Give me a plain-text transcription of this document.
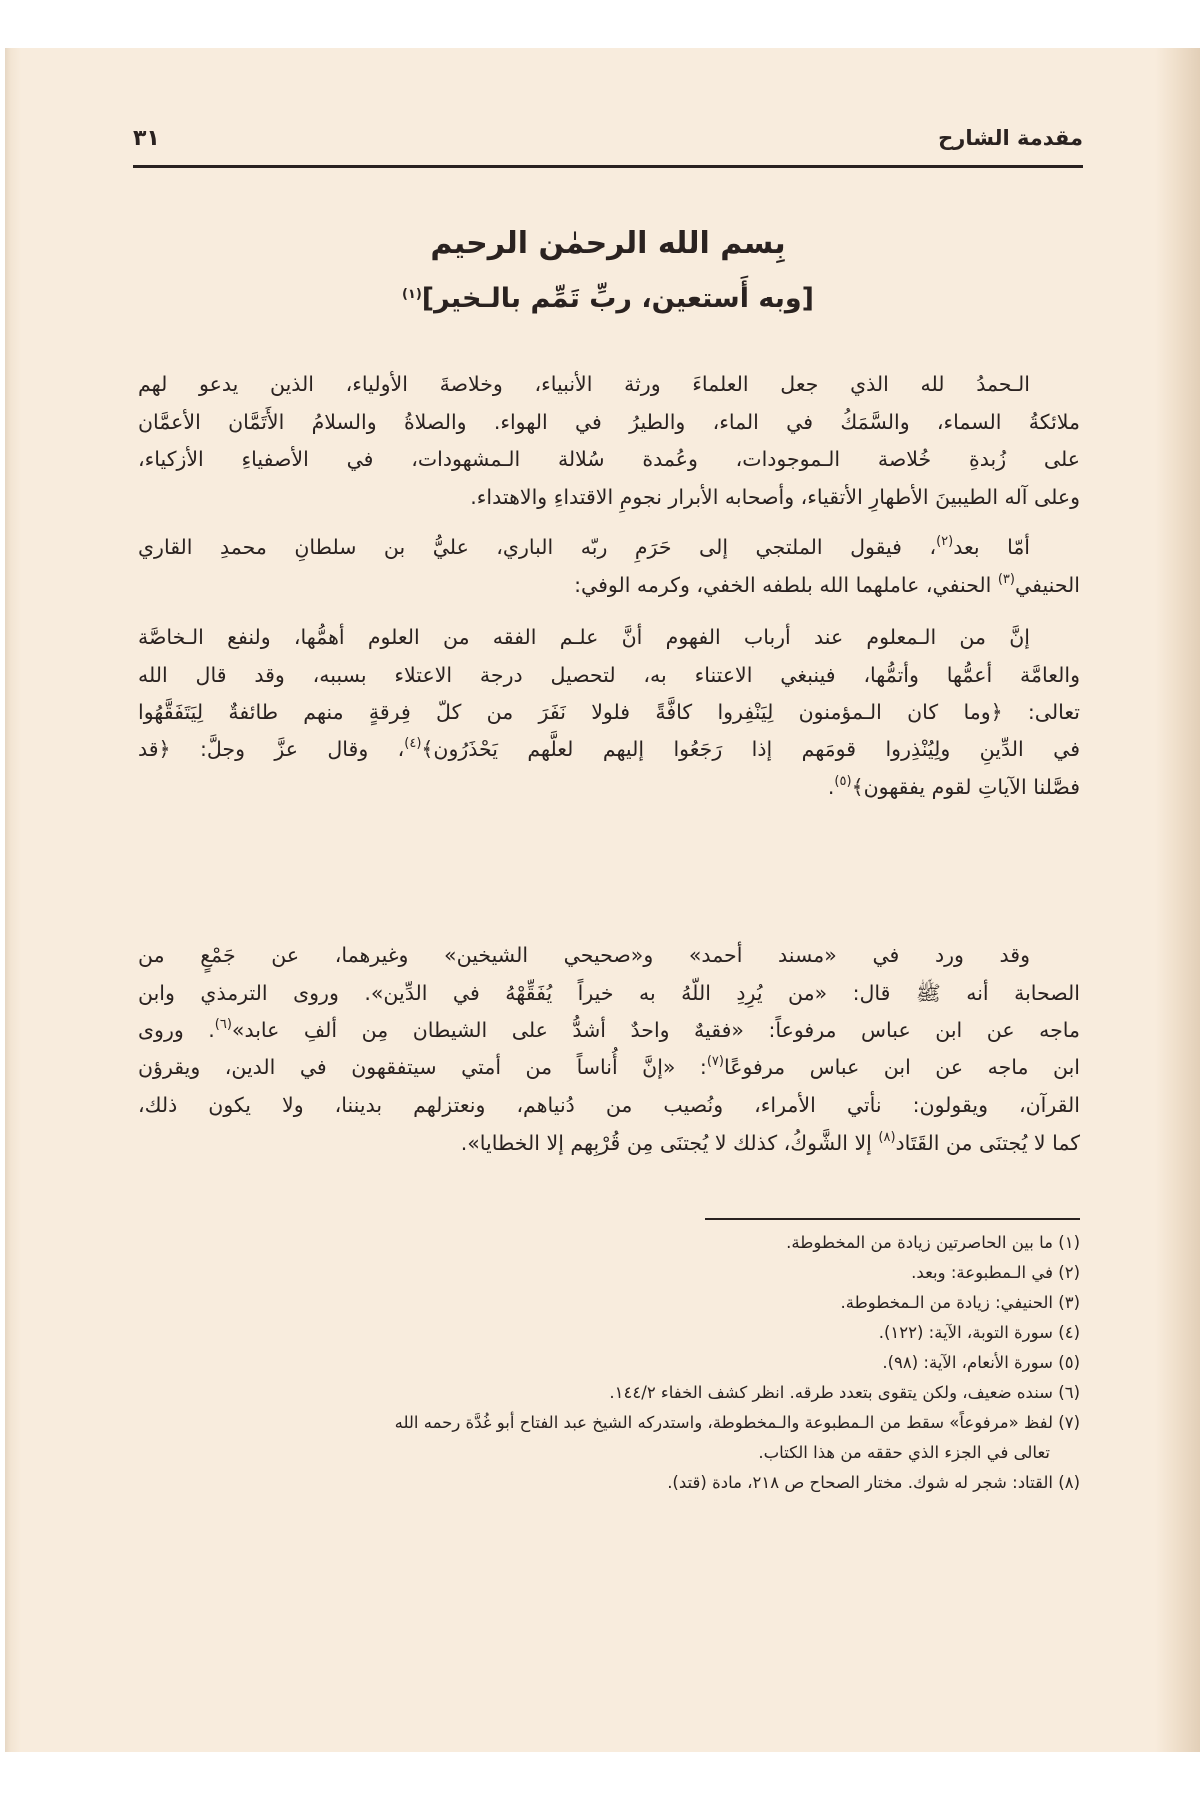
مقدمة الشارح
٣١
بِسم الله الرحمٰن الرحيم
[وبه أَستعين، ربِّ تَمِّم بالـخير]$^{(١)}$
الـحمدُ لله الذي جعل العلماءَ ورثة الأنبياء، وخلاصةَ الأولياء، الذين يدعو لهم
ملائكةُ السماء، والسَّمَكُ في الماء، والطيرُ في الهواء. والصلاةُ والسلامُ الأَتَمَّان الأعمَّان
على زُبدةِ خُلاصة الـموجودات، وعُمدة سُلالة الـمشهودات، في الأصفياءِ الأزكياء،
وعلى آله الطيبينَ الأطهارِ الأتقياء، وأصحابه الأبرار نجومِ الاقتداءِ والاهتداء.
أمّا بعد$^{(٢)}$، فيقول الملتجي إلى حَرَمِ ربّه الباري، عليُّ بن سلطانِ محمدِ القاري
الحنيفي$^{(٣)}$ الحنفي، عاملهما الله بلطفه الخفي، وكرمه الوفي:
إنَّ من الـمعلوم عند أرباب الفهوم أنَّ علـم الفقه من العلوم أهمُّها، ولنفع الـخاصَّة
والعامَّة أعمُّها وأتمُّها، فينبغي الاعتناء به، لتحصيل درجة الاعتلاء بسببه، وقد قال الله
تعالى: ﴿وما كان الـمؤمنون لِيَنْفِروا كافَّةً فلولا نَفَرَ من كلّ فِرقةٍ منهم طائفةٌ لِيَتَفَقَّهُوا
في الدِّينِ ولِيُنْذِروا قومَهم إذا رَجَعُوا إليهم لعلَّهم يَحْذَرُون﴾$^{(٤)}$، وقال عزَّ وجلَّ: ﴿قد
فصَّلنا الآياتِ لقوم يفقهون﴾$^{(٥)}$.
وقد ورد في «مسند أحمد» و«صحيحي الشيخين» وغيرهما، عن جَمْعٍ من
الصحابة أنه ﷺ قال: «من يُرِدِ اللّهُ به خيراً يُفَقِّهْهُ في الدِّين». وروى الترمذي وابن
ماجه عن ابن عباس مرفوعاً: «فقيهٌ واحدٌ أشدُّ على الشيطان مِن ألفِ عابد»$^{(٦)}$. وروى
ابن ماجه عن ابن عباس مرفوعًا$^{(٧)}$: «إنَّ أُناساً من أمتي سيتفقهون في الدين، ويقرؤن
القرآن، ويقولون: نأتي الأمراء، ونُصيب من دُنياهم، ونعتزلهم بديننا، ولا يكون ذلك،
كما لا يُجتنَى من القَتَاد$^{(٨)}$ إلا الشَّوكُ، كذلك لا يُجتنَى مِن قُرْبِهم إلا الخطايا».
(١) ما بين الحاصرتين زيادة من المخطوطة.
(٢) في الـمطبوعة: وبعد.
(٣) الحنيفي: زيادة من الـمخطوطة.
(٤) سورة التوبة، الآية: (١٢٢).
(٥) سورة الأنعام، الآية: (٩٨).
(٦) سنده ضعيف، ولكن يتقوى بتعدد طرقه. انظر كشف الخفاء ١٤٤/٢.
(٧) لفظ «مرفوعاً» سقط من الـمطبوعة والـمخطوطة، واستدركه الشيخ عبد الفتاح أبو غُدَّة رحمه الله
تعالى في الجزء الذي حققه من هذا الكتاب.
(٨) القتاد: شجر له شوك. مختار الصحاح ص ٢١٨، مادة (قتد).
